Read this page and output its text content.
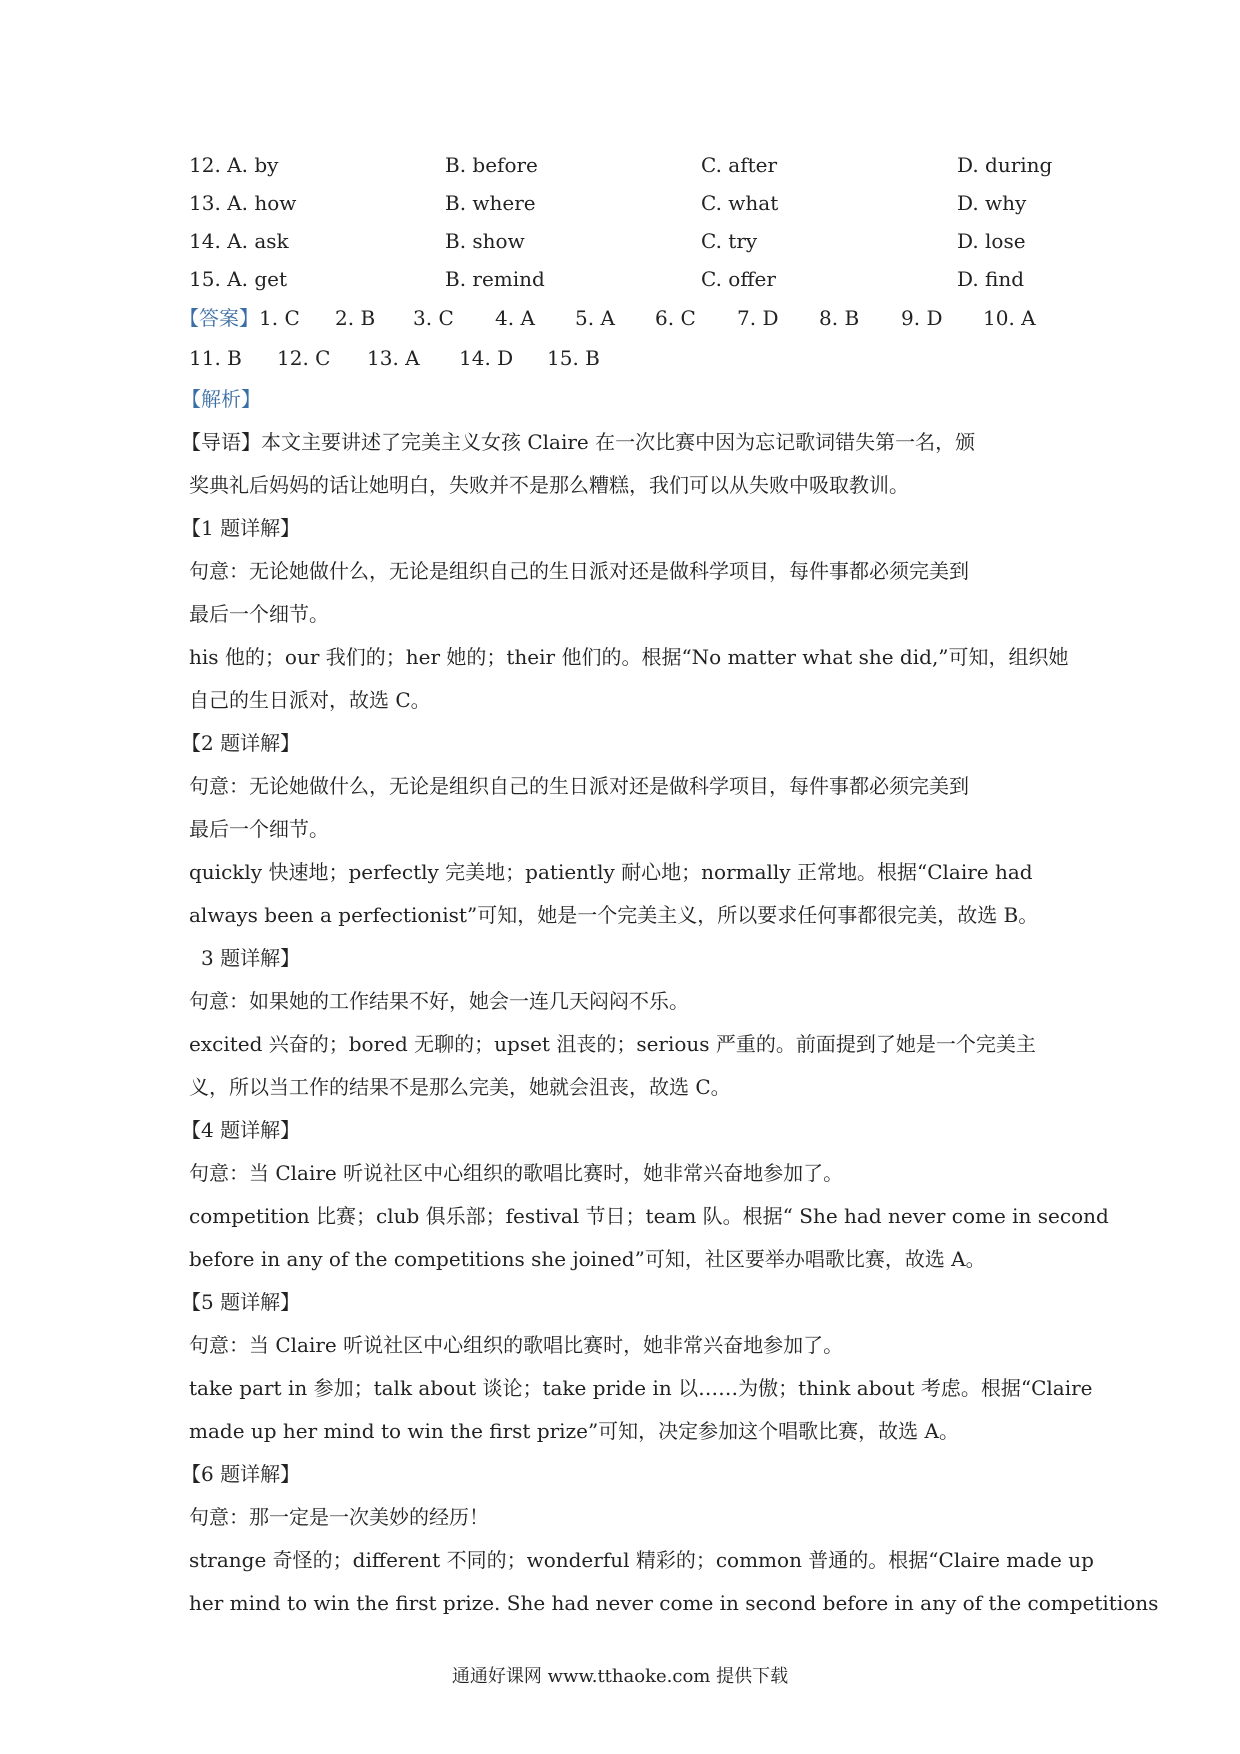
12. A. by	B. before	C. after	D. during
13. A. how	B. where	C. what	D. why
14. A. ask	B. show	C. try	D. lose
15. A. get	B. remind	C. offer	D. find
【答案】 1. C	2. B	3. C	4. A	5. A	6. C	7. D	8. B	9. D	10. A
11. B	12. C	13. A	14. D	15. B
【解析】
【导语】本文主要讲述了完美主义女孩 Claire 在一次比赛中因为忘记歌词错失第一名，颁
奖典礼后妈妈的话让她明白，失败并不是那么糟糕，我们可以从失败中吸取教训。
【1 题详解】
句意：无论她做什么，无论是组织自己的生日派对还是做科学项目，每件事都必须完美到
最后一个细节。
his 他的；our 我们的；her 她的；their 他们的。根据“No matter what she did,”可知，组织她
自己的生日派对，故选 C。
【2 题详解】
句意：无论她做什么，无论是组织自己的生日派对还是做科学项目，每件事都必须完美到
最后一个细节。
quickly 快速地；perfectly 完美地；patiently 耐心地；normally 正常地。根据“Claire had
always been a perfectionist”可知，她是一个完美主义，所以要求任何事都很完美，故选 B。
3 题详解】
句意：如果她的工作结果不好，她会一连几天闷闷不乐。
excited 兴奋的；bored 无聊的；upset 沮丧的；serious 严重的。前面提到了她是一个完美主
义，所以当工作的结果不是那么完美，她就会沮丧，故选 C。
【4 题详解】
句意：当 Claire 听说社区中心组织的歌唱比赛时，她非常兴奋地参加了。
competition 比赛；club 俱乐部；festival 节日；team 队。根据“ She had never come in second
before in any of the competitions she joined”可知，社区要举办唱歌比赛，故选 A。
【5 题详解】
句意：当 Claire 听说社区中心组织的歌唱比赛时，她非常兴奋地参加了。
take part in 参加；talk about 谈论；take pride in 以……为傲；think about 考虑。根据“Claire
made up her mind to win the first prize”可知，决定参加这个唱歌比赛，故选 A。
【6 题详解】
句意：那一定是一次美妙的经历！
strange 奇怪的；different 不同的；wonderful 精彩的；common 普通的。根据“Claire made up
her mind to win the first prize. She had never come in second before in any of the competitions
通通好课网 www.tthaoke.com 提供下载
